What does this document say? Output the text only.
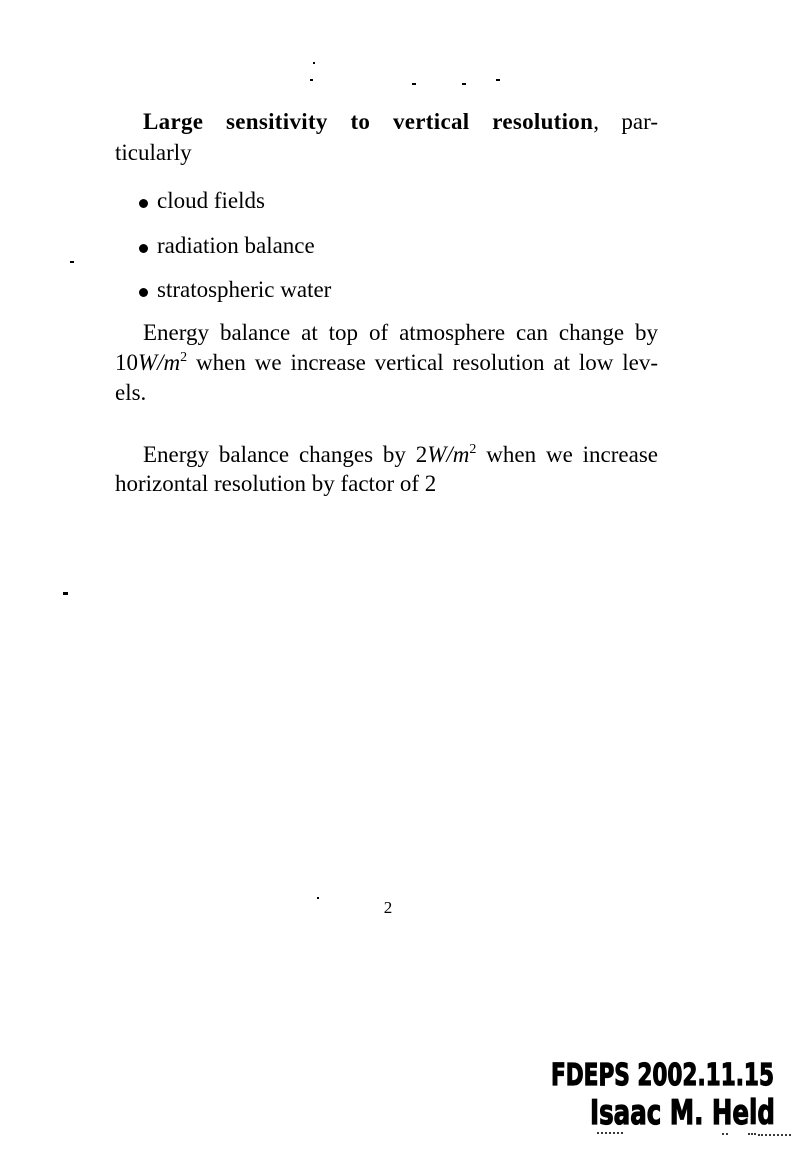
Large sensitivity to vertical resolution, par-
ticularly
cloud fields
radiation balance
stratospheric water
Energy balance at top of atmosphere can change by
$10W/m^2$ when we increase vertical resolution at low lev-
els.
Energy balance changes by $2W/m^2$ when we increase
horizontal resolution by factor of 2
2
FDEPS 2002.11.15
Isaac M. Held
